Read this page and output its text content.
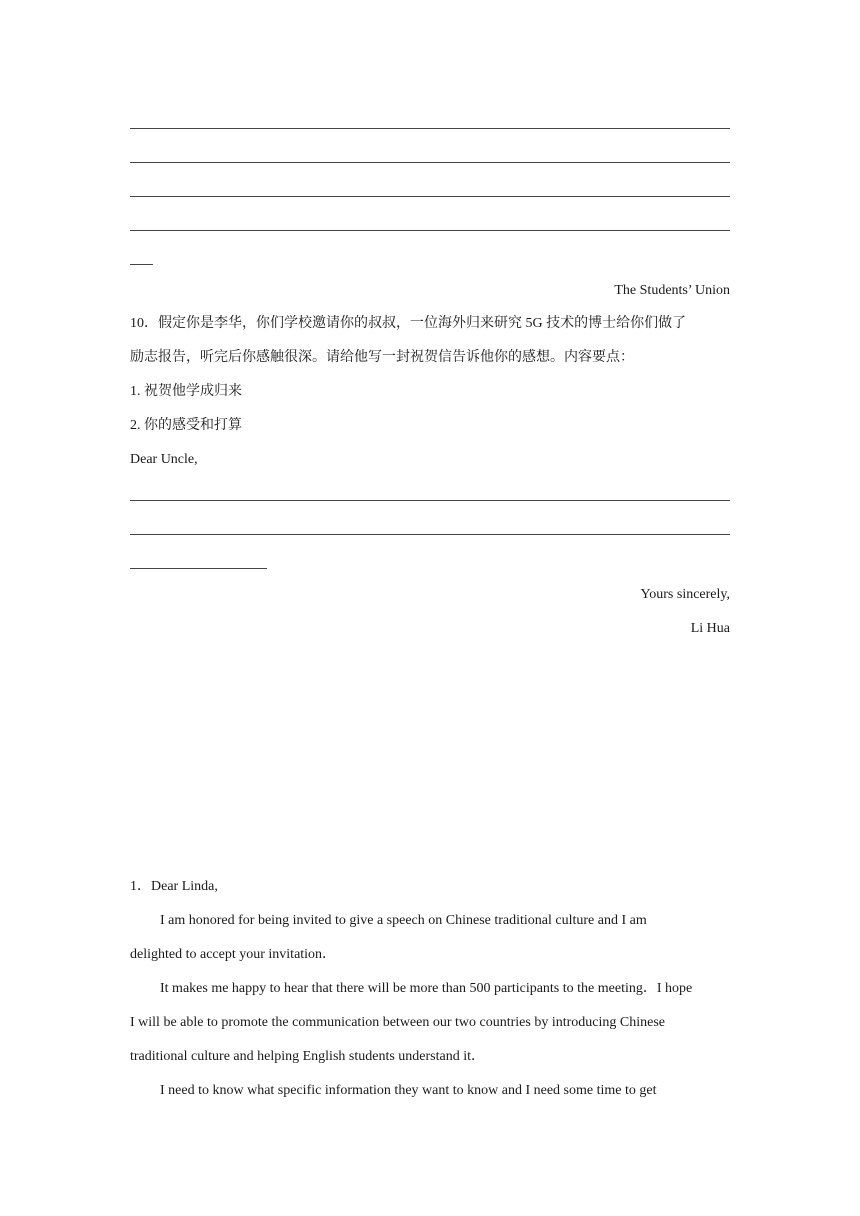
The Students’ Union
10．假定你是李华，你们学校邀请你的叔叔，一位海外归来研究 5G 技术的博士给你们做了
励志报告，听完后你感触很深。请给他写一封祝贺信告诉他你的感想。内容要点：
1. 祝贺他学成归来
2. 你的感受和打算
Dear Uncle,
Yours sincerely,
Li Hua
1．Dear Linda,
I am honored for being invited to give a speech on Chinese traditional culture and I am
delighted to accept your invitation．
It makes me happy to hear that there will be more than 500 participants to the meeting．I hope
I will be able to promote the communication between our two countries by introducing Chinese
traditional culture and helping English students understand it．
I need to know what specific information they want to know and I need some time to get
